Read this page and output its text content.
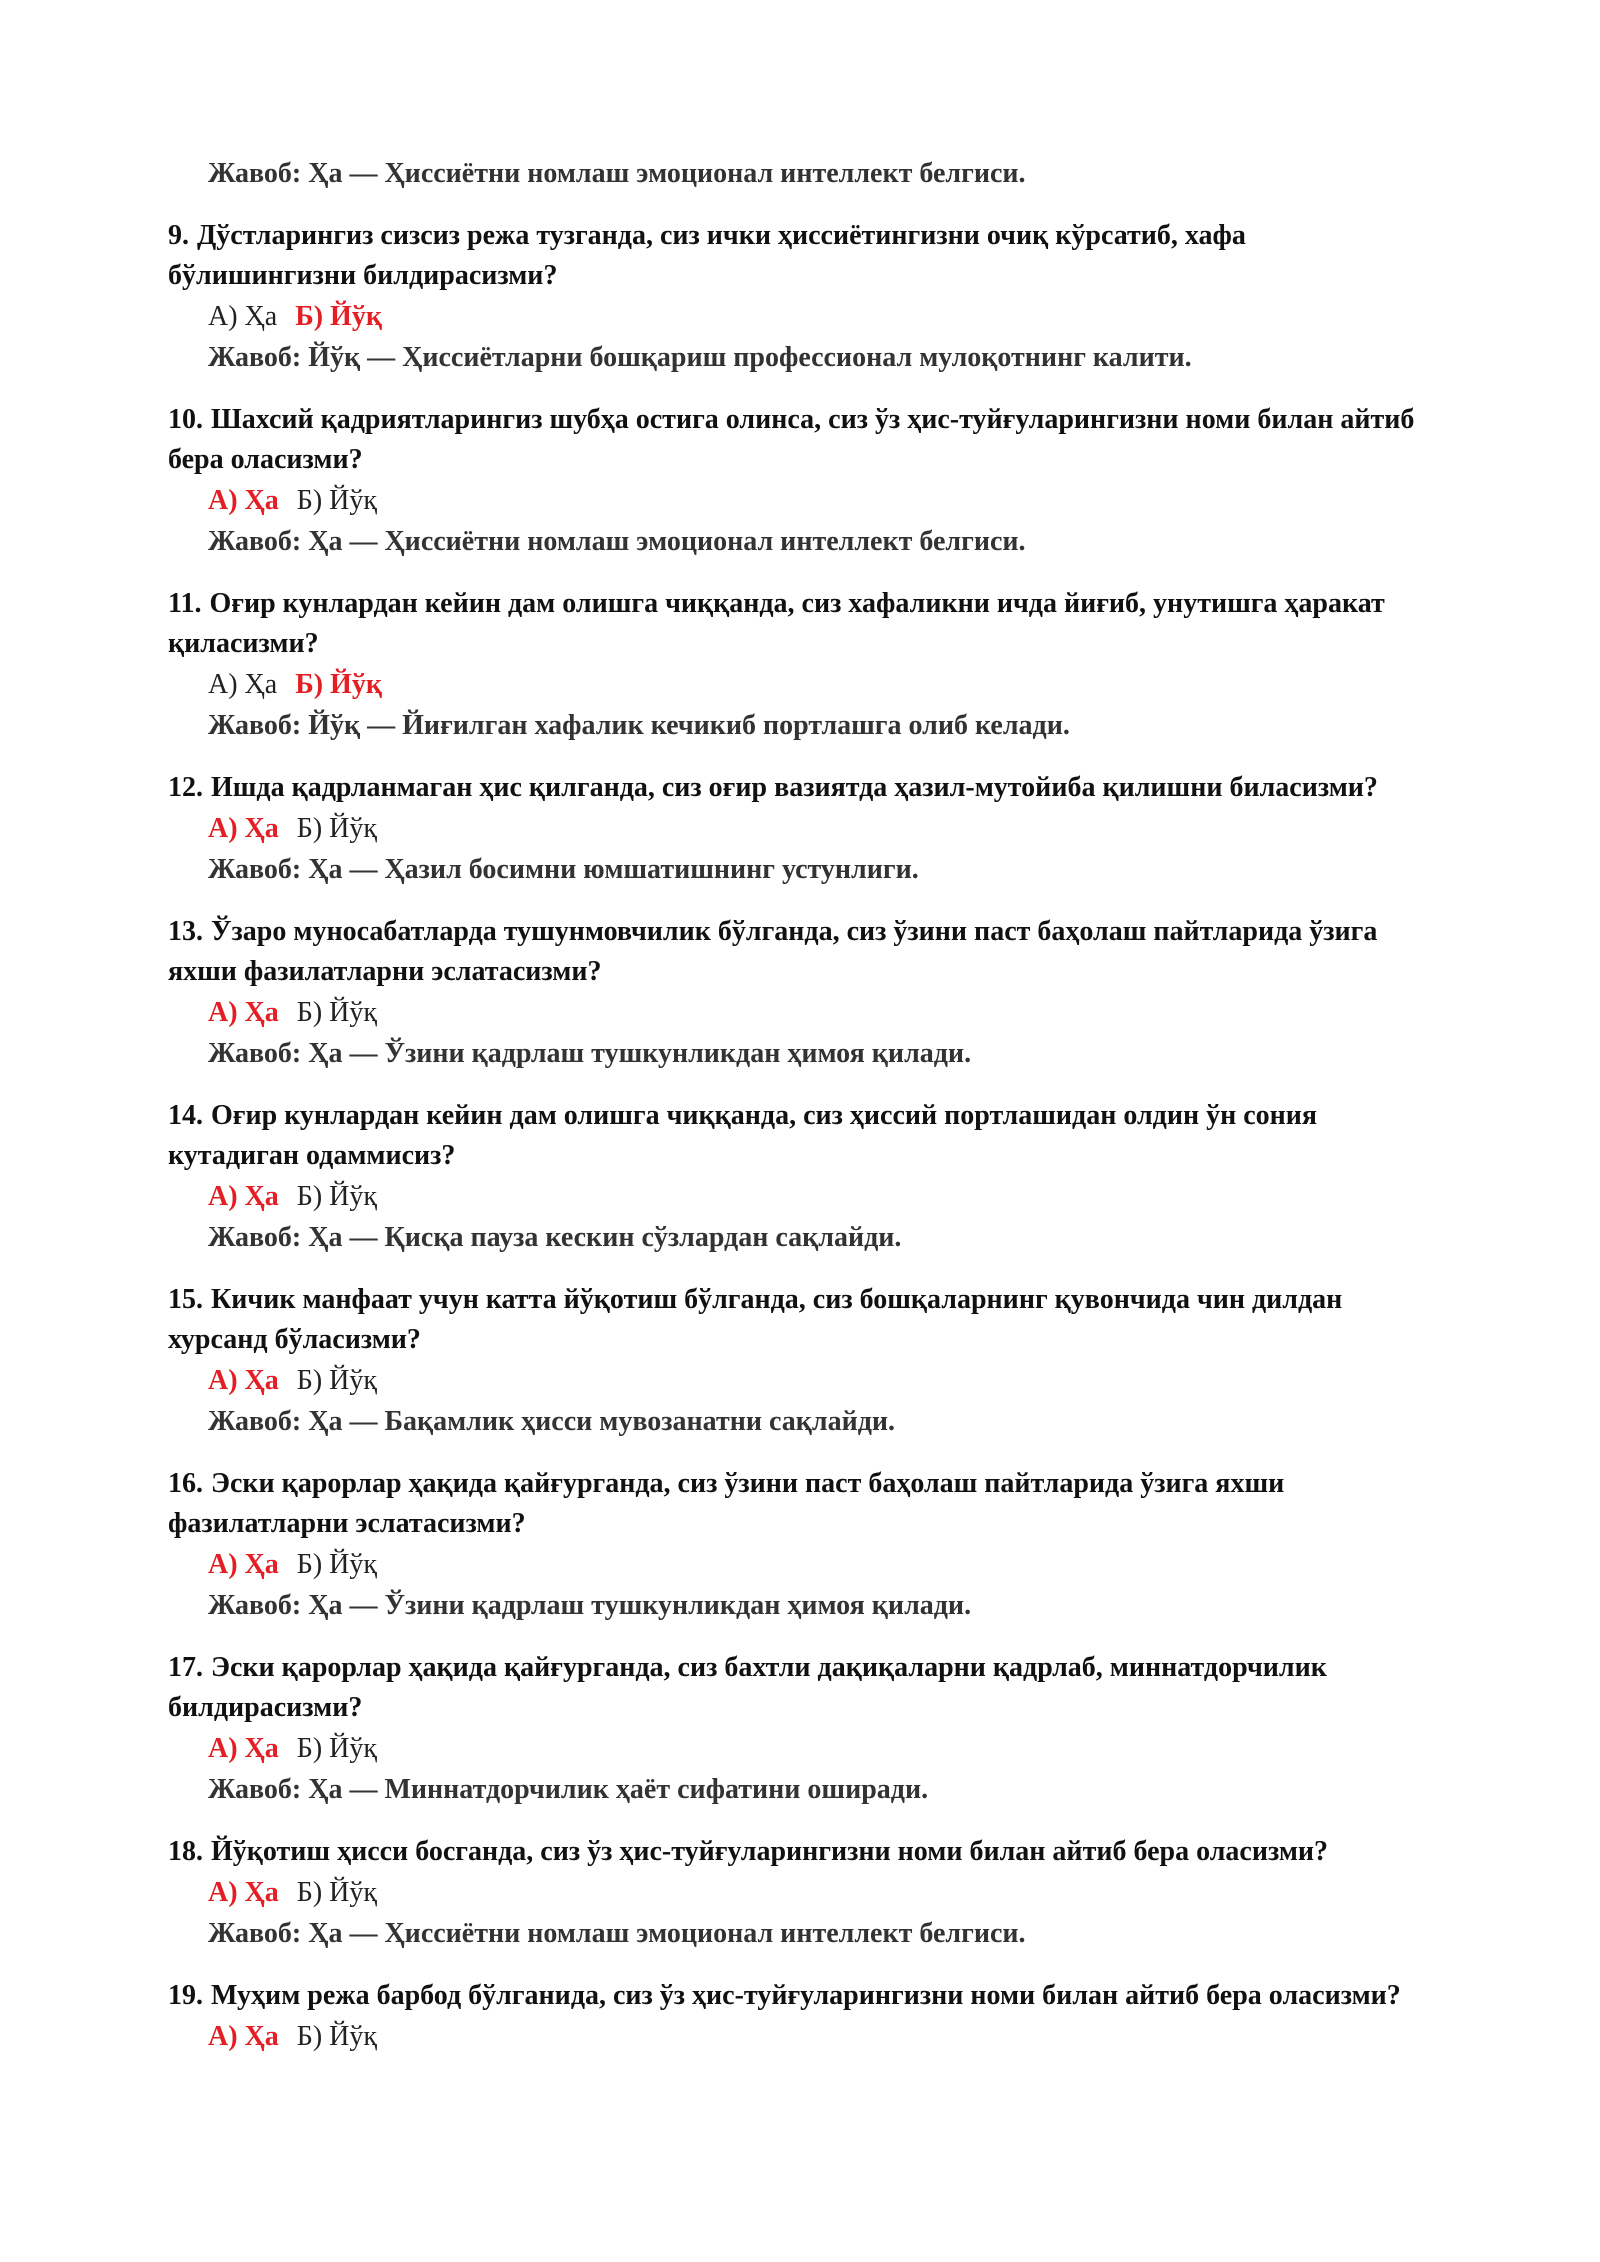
Жавоб: Ҳа — Ҳиссиётни номлаш эмоционал интеллект белгиси.

9. Дўстларингиз сизсиз режа тузганда, сиз ички ҳиссиётингизни очиқ кўрсатиб, хафа бўлишингизни билдирасизми?

А) Ҳа Б) Йўқ

Жавоб: Йўқ — Ҳиссиётларни бошқариш профессионал мулоқотнинг калити.

10. Шахсий қадриятларингиз шубҳа остига олинса, сиз ўз ҳис-туйғуларингизни номи билан айтиб бера оласизми?

А) Ҳа Б) Йўқ

Жавоб: Ҳа — Ҳиссиётни номлаш эмоционал интеллект белгиси.

11. Оғир кунлардан кейин дам олишга чиққанда, сиз хафаликни ичда йиғиб, унутишга ҳаракат қиласизми?

А) Ҳа Б) Йўқ

Жавоб: Йўқ — Йиғилган хафалик кечикиб портлашга олиб келади.

12. Ишда қадрланмаган ҳис қилганда, сиз оғир вазиятда ҳазил-мутойиба қилишни биласизми?

А) Ҳа Б) Йўқ

Жавоб: Ҳа — Ҳазил босимни юмшатишнинг устунлиги.

13. Ўзаро муносабатларда тушунмовчилик бўлганда, сиз ўзини паст баҳолаш пайтларида ўзига яхши фазилатларни эслатасизми?

А) Ҳа Б) Йўқ

Жавоб: Ҳа — Ўзини қадрлаш тушкунликдан ҳимоя қилади.

14. Оғир кунлардан кейин дам олишга чиққанда, сиз ҳиссий портлашидан олдин ўн сония кутадиган одаммисиз?

А) Ҳа Б) Йўқ

Жавоб: Ҳа — Қисқа пауза кескин сўзлардан сақлайди.

15. Кичик манфаат учун катта йўқотиш бўлганда, сиз бошқаларнинг қувончида чин дилдан хурсанд бўласизми?

А) Ҳа Б) Йўқ

Жавоб: Ҳа — Бақамлик ҳисси мувозанатни сақлайди.

16. Эски қарорлар ҳақида қайғурганда, сиз ўзини паст баҳолаш пайтларида ўзига яхши фазилатларни эслатасизми?

А) Ҳа Б) Йўқ

Жавоб: Ҳа — Ўзини қадрлаш тушкунликдан ҳимоя қилади.

17. Эски қарорлар ҳақида қайғурганда, сиз бахтли дақиқаларни қадрлаб, миннатдорчилик билдирасизми?

А) Ҳа Б) Йўқ

Жавоб: Ҳа — Миннатдорчилик ҳаёт сифатини оширади.

18. Йўқотиш ҳисси босганда, сиз ўз ҳис-туйғуларингизни номи билан айтиб бера оласизми?

А) Ҳа Б) Йўқ

Жавоб: Ҳа — Ҳиссиётни номлаш эмоционал интеллект белгиси.

19. Муҳим режа барбод бўлганида, сиз ўз ҳис-туйғуларингизни номи билан айтиб бера оласизми?

А) Ҳа Б) Йўқ
